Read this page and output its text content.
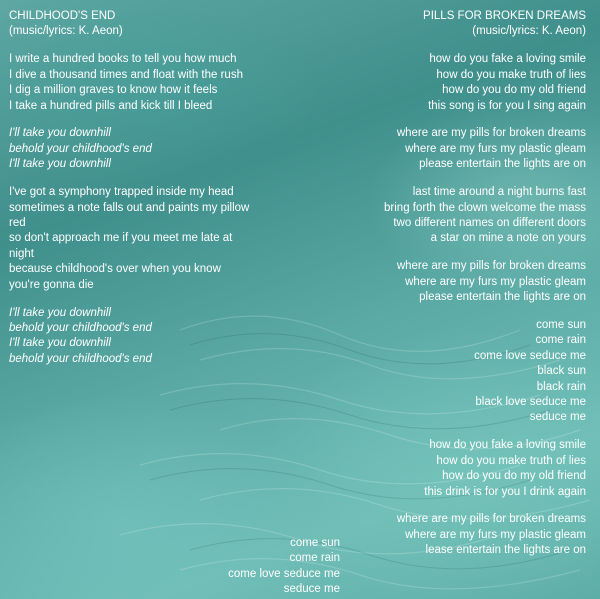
CHILDHOOD'S END
(music/lyrics: K. Aeon)
I write a hundred books to tell you how much
I dive a thousand times and float with the rush
I dig a million graves to know how it feels
I take a hundred pills and kick till I bleed
I'll take you downhill
behold your childhood's end
I'll take you downhill
I've got a symphony trapped inside my head
sometimes a note falls out and paints my pillow
red
so don't approach me if you meet me late at
night
because childhood's over when you know
you're gonna die
I'll take you downhill
behold your childhood's end
I'll take you downhill
behold your childhood's end
come sun
come rain
come love seduce me
seduce me
PILLS FOR BROKEN DREAMS
(music/lyrics: K. Aeon)
how do you fake a loving smile
how do you make truth of lies
how do you do my old friend
this song is for you I sing again
where are my pills for broken dreams
where are my furs my plastic gleam
please entertain the lights are on
last time around a night burns fast
bring forth the clown welcome the mass
two different names on different doors
a star on mine a note on yours
where are my pills for broken dreams
where are my furs my plastic gleam
please entertain the lights are on
come sun
come rain
come love seduce me
black sun
black rain
black love seduce me
seduce me
how do you fake a loving smile
how do you make truth of lies
how do you do my old friend
this drink is for you I drink again
where are my pills for broken dreams
where are my furs my plastic gleam
lease entertain the lights are on
